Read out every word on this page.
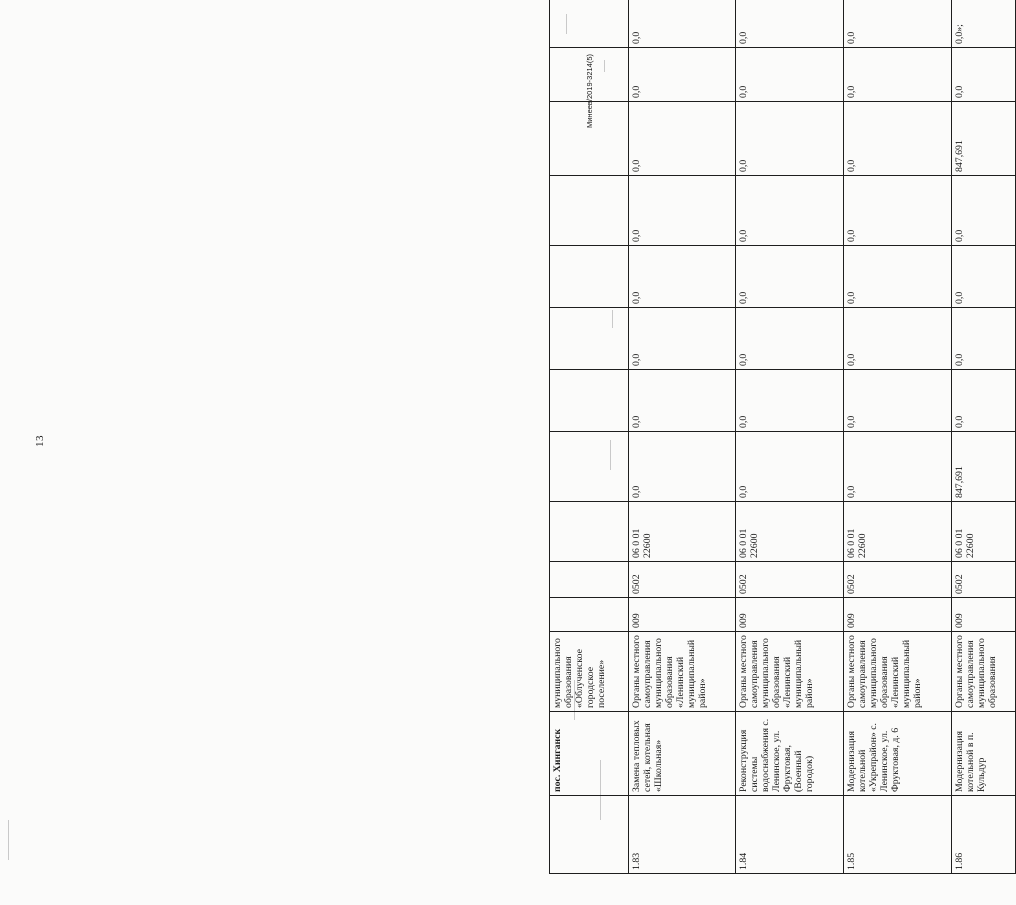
13
Минеев/2019-3214(5)
	пос. Хинганск	муниципального образования «Облученское городское поселение»											
1.83	Замена тепловых сетей, котельная «Школьная»	Органы местного самоуправления муниципального образования «Ленинский муниципальный район»	009	0502	06 0 01 22600	0,0	0,0	0,0	0,0	0,0	0,0	0,0	0,0
1.84	Реконструкция системы водоснабжения с. Ленинское, ул. Фруктовая, (Военный городок)	Органы местного самоуправления муниципального образования «Ленинский муниципальный район»	009	0502	06 0 01 22600	0,0	0,0	0,0	0,0	0,0	0,0	0,0	0,0
1.85	Модернизация котельной «Укрепрайон» с. Ленинское, ул. Фруктовая, д. 6	Органы местного самоуправления муниципального образования «Ленинский муниципальный район»	009	0502	06 0 01 22600	0,0	0,0	0,0	0,0	0,0	0,0	0,0	0,0
1.86	Модернизация котельной в п. Кульдур	Органы местного самоуправления муниципального образования	009	0502	06 0 01 22600	847,691	0,0	0,0	0,0	0,0	847,691	0,0	0,0»;
